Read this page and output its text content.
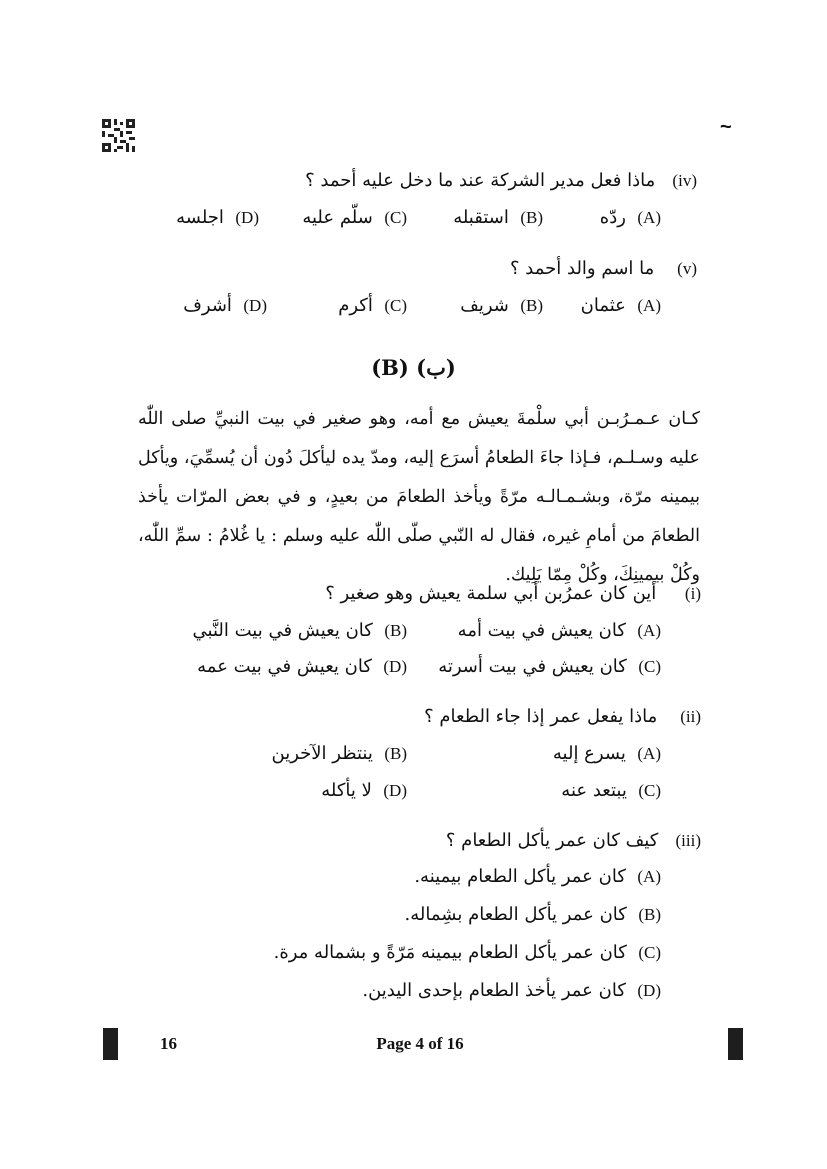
~
(iv)   ماذا فعل مدير الشركة عند ما دخل عليه أحمد ؟
(A)  ردّه
(B)  استقبله
(C)  سلّم عليه
(D)  اجلسه
(v)    ما اسم والد أحمد ؟
(A)  عثمان
(B)  شريف
(C)  أكرم
(D)  أشرف
(ب) (B)
كـان عـمـرُبـن أبي سلْمةَ يعيش مع أمه، وهو صغير في بيت النبيِّ صلى اللّٰه عليه وسـلـم، فـإذا جاءَ الطعامُ أسرَع إليه، ومدّ يده ليأكلَ دُون أن يُسمِّيَ، ويأكل بيمينه مرّة، وبشـمـالـه مرّةً ويأخذ الطعامَ من بعيدٍ، و في بعض المرّات يأخذ الطعامَ من أمامِ غيره، فقال له النّبي صلّى اللّٰه عليه وسلم : يا غُلامُ : سمِّ اللّٰه، وكُلْ بيمينِكَ، وكُلْ مِمّا يَلِيك.
(i)     أين كان عمرُبن أبي سلمة يعيش وهو صغير ؟
(A)  كان يعيش في بيت أمه
(B)  كان يعيش في بيت النَّبي
(C)  كان يعيش في بيت أسرته
(D)  كان يعيش في بيت عمه
(ii)    ماذا يفعل عمر إذا جاء الطعام ؟
(A)  يسرع إليه
(B)  ينتظر الآخرين
(C)  يبتعد عنه
(D)  لا يأكله
(iii)   كيف كان عمر يأكل الطعام ؟
(A)  كان عمر يأكل الطعام بيمينه.
(B)  كان عمر يأكل الطعام بشِماله.
(C)  كان عمر يأكل الطعام بيمينه مَرّةً و بشماله مرة.
(D)  كان عمر يأخذ الطعام بإحدى اليدين.
16	Page 4 of 16
